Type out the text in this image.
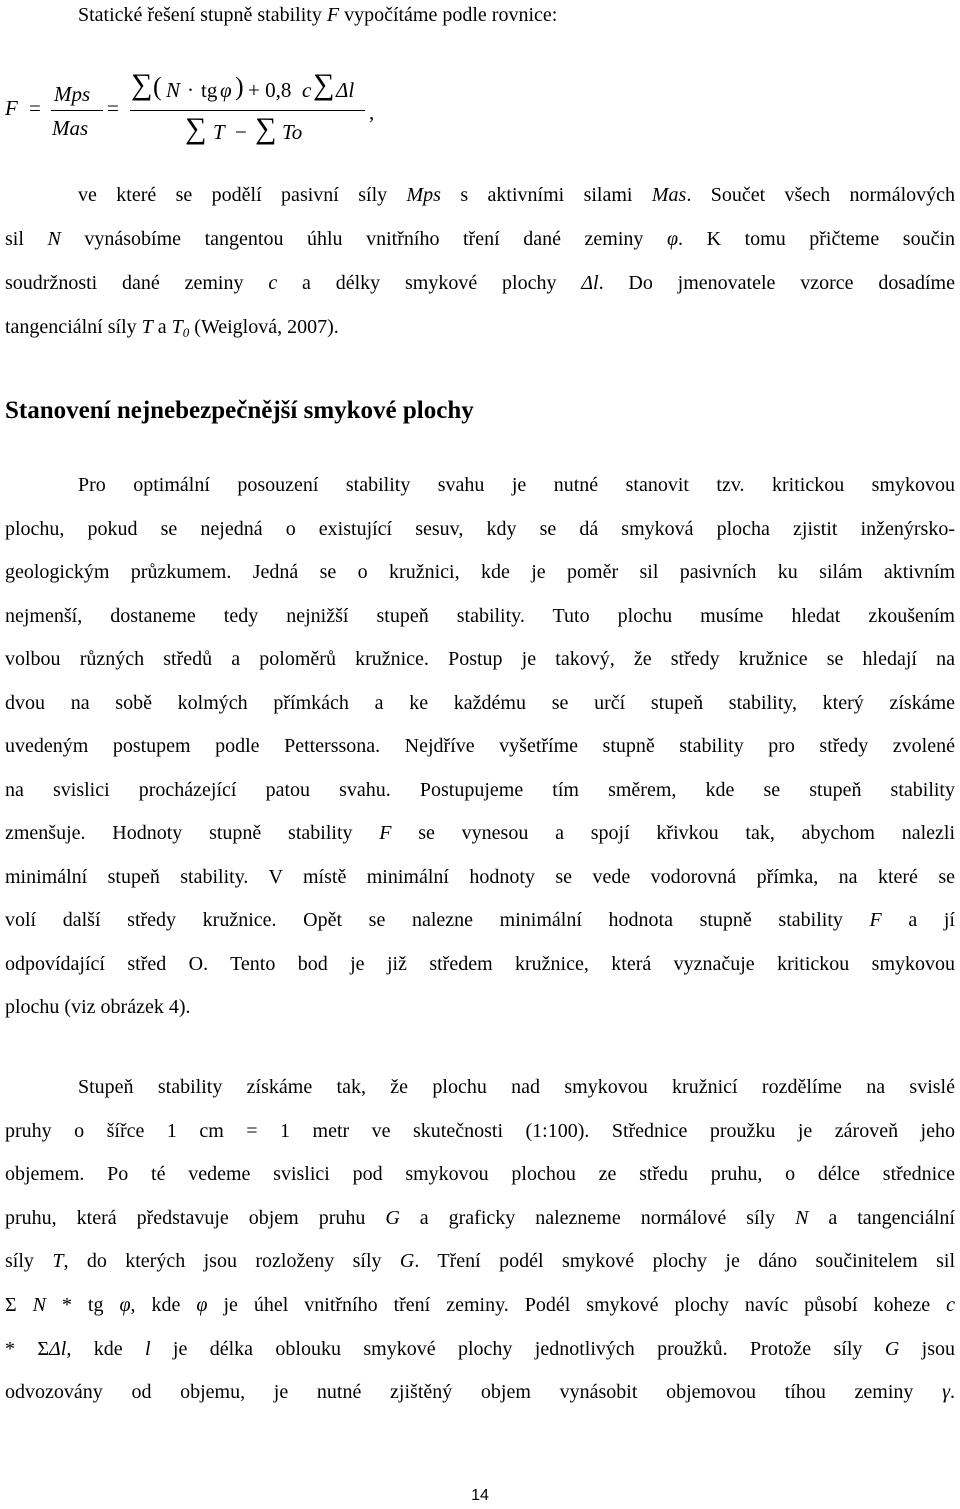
Statické řešení stupně stability F vypočítáme podle rovnice:
F =
Mps
Mas
=
∑ ( N · tg φ ) + 0,8 c ∑ Δl
,
∑ T − ∑ To
ve které se podělí pasivní síly Mps s aktivními silami Mas. Součet všech normálových
sil N vynásobíme tangentou úhlu vnitřního tření dané zeminy φ. K tomu přičteme součin
soudržnosti dané zeminy c a délky smykové plochy Δl. Do jmenovatele vzorce dosadíme
tangenciální síly T a $T_0$ (Weiglová, 2007).
Stanovení nejnebezpečnější smykové plochy
Pro optimální posouzení stability svahu je nutné stanovit tzv. kritickou smykovou
plochu, pokud se nejedná o existující sesuv, kdy se dá smyková plocha zjistit inženýrsko-
geologickým průzkumem. Jedná se o kružnici, kde je poměr sil pasivních ku silám aktivním
nejmenší, dostaneme tedy nejnižší stupeň stability. Tuto plochu musíme hledat zkoušením
volbou různých středů a poloměrů kružnice. Postup je takový, že středy kružnice se hledají na
dvou na sobě kolmých přímkách a ke každému se určí stupeň stability, který získáme
uvedeným postupem podle Petterssona. Nejdříve vyšetříme stupně stability pro středy zvolené
na svislici procházející patou svahu. Postupujeme tím směrem, kde se stupeň stability
zmenšuje. Hodnoty stupně stability F se vynesou a spojí křivkou tak, abychom nalezli
minimální stupeň stability. V místě minimální hodnoty se vede vodorovná přímka, na které se
volí další středy kružnice. Opět se nalezne minimální hodnota stupně stability F a jí
odpovídající střed O. Tento bod je již středem kružnice, která vyznačuje kritickou smykovou
plochu (viz obrázek 4).
Stupeň stability získáme tak, že plochu nad smykovou kružnicí rozdělíme na svislé
pruhy o šířce 1 cm = 1 metr ve skutečnosti (1:100). Střednice proužku je zároveň jeho
objemem. Po té vedeme svislici pod smykovou plochou ze středu pruhu, o délce střednice
pruhu, která představuje objem pruhu G a graficky nalezneme normálové síly N a tangenciální
síly T, do kterých jsou rozloženy síly G. Tření podél smykové plochy je dáno součinitelem sil
Σ N * tg φ, kde φ je úhel vnitřního tření zeminy. Podél smykové plochy navíc působí koheze c
* ΣΔl, kde l je délka oblouku smykové plochy jednotlivých proužků. Protože síly G jsou
odvozovány od objemu, je nutné zjištěný objem vynásobit objemovou tíhou zeminy γ.
14
